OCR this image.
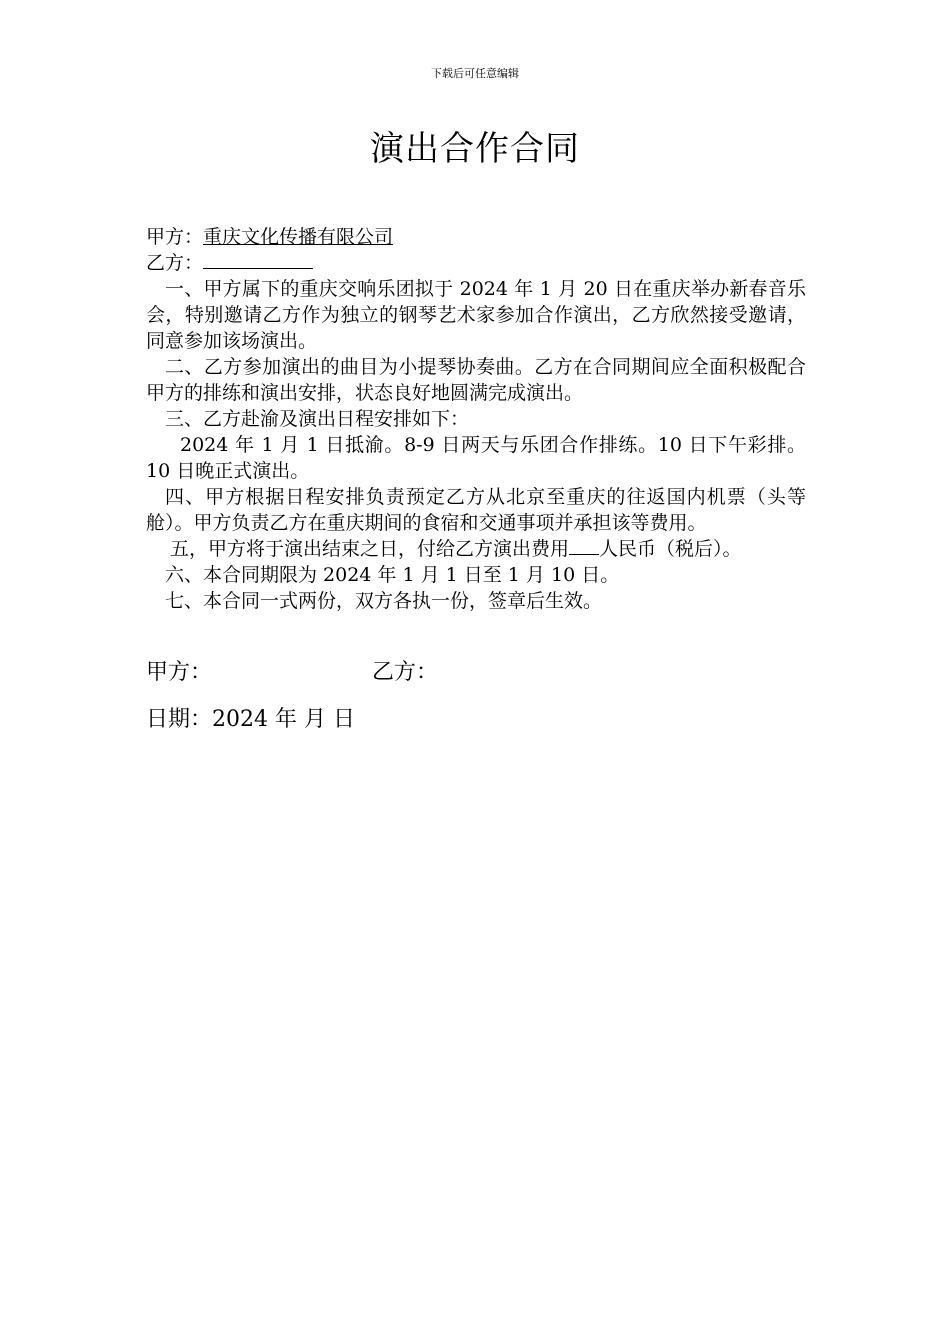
下载后可任意编辑
演出合作合同

甲方：重庆文化传播有限公司

乙方：

一、甲方属下的重庆交响乐团拟于 2024 年 1 月 20 日在重庆举办新春音乐会，特别邀请乙方作为独立的钢琴艺术家参加合作演出，乙方欣然接受邀请，同意参加该场演出。

二、乙方参加演出的曲目为小提琴协奏曲。乙方在合同期间应全面积极配合甲方的排练和演出安排，状态良好地圆满完成演出。

三、乙方赴渝及演出日程安排如下：

2024 年 1 月 1 日抵渝。8-9 日两天与乐团合作排练。10 日下午彩排。10 日晚正式演出。

四、甲方根据日程安排负责预定乙方从北京至重庆的往返国内机票（头等舱）。甲方负责乙方在重庆期间的食宿和交通事项并承担该等费用。

五，甲方将于演出结束之日，付给乙方演出费用 人民币（税后）。

六、本合同期限为 2024 年 1 月 1 日至 1 月 10 日。

七、本合同一式两份，双方各执一份，签章后生效。

甲方：	乙方：
日期：2024 年 月 日
